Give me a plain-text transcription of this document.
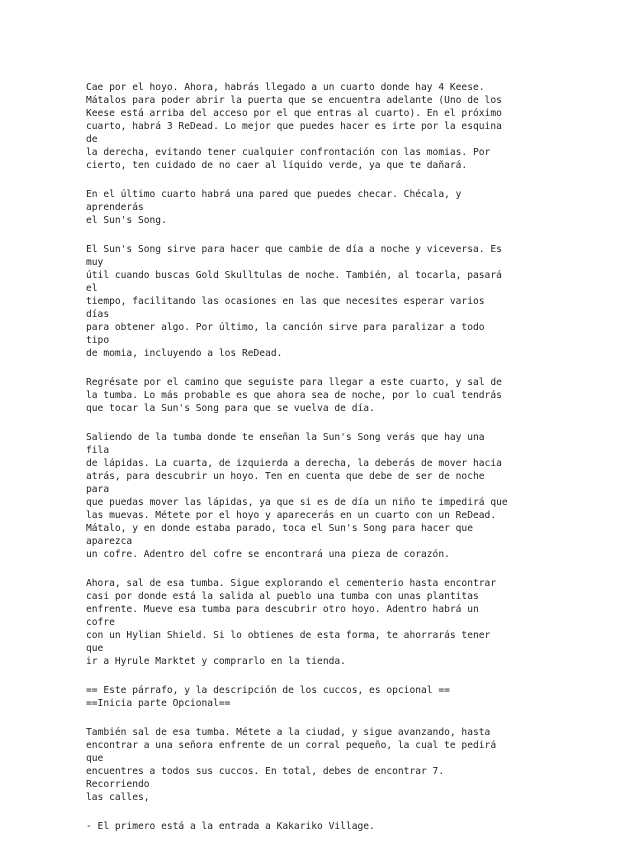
Cae por el hoyo. Ahora, habrás llegado a un cuarto donde hay 4 Keese.
Mátalos para poder abrir la puerta que se encuentra adelante (Uno de los
Keese está arriba del acceso por el que entras al cuarto). En el próximo
cuarto, habrá 3 ReDead. Lo mejor que puedes hacer es irte por la esquina
de
la derecha, evitando tener cualquier confrontación con las momias. Por
cierto, ten cuidado de no caer al líquido verde, ya que te dañará.
En el último cuarto habrá una pared que puedes checar. Chécala, y
aprenderás
el Sun's Song.
El Sun's Song sirve para hacer que cambie de día a noche y viceversa. Es
muy
útil cuando buscas Gold Skulltulas de noche. También, al tocarla, pasará
el
tiempo, facilitando las ocasiones en las que necesites esperar varios
días
para obtener algo. Por último, la canción sirve para paralizar a todo
tipo
de momia, incluyendo a los ReDead.
Regrésate por el camino que seguiste para llegar a este cuarto, y sal de
la tumba. Lo más probable es que ahora sea de noche, por lo cual tendrás
que tocar la Sun's Song para que se vuelva de día.
Saliendo de la tumba donde te enseñan la Sun's Song verás que hay una
fila
de lápidas. La cuarta, de izquierda a derecha, la deberás de mover hacia
atrás, para descubrir un hoyo. Ten en cuenta que debe de ser de noche
para
que puedas mover las lápidas, ya que si es de día un niño te impedirá que
las muevas. Métete por el hoyo y aparecerás en un cuarto con un ReDead.
Mátalo, y en donde estaba parado, toca el Sun's Song para hacer que
aparezca
un cofre. Adentro del cofre se encontrará una pieza de corazón.
Ahora, sal de esa tumba. Sigue explorando el cementerio hasta encontrar
casi por donde está la salida al pueblo una tumba con unas plantitas
enfrente. Mueve esa tumba para descubrir otro hoyo. Adentro habrá un
cofre
con un Hylian Shield. Si lo obtienes de esta forma, te ahorrarás tener
que
ir a Hyrule Marktet y comprarlo en la tienda.
== Este párrafo, y la descripción de los cuccos, es opcional ==
==Inicia parte Opcional==
También sal de esa tumba. Métete a la ciudad, y sigue avanzando, hasta
encontrar a una señora enfrente de un corral pequeño, la cual te pedirá
que
encuentres a todos sus cuccos. En total, debes de encontrar 7.
Recorriendo
las calles,
- El primero está a la entrada a Kakariko Village.
